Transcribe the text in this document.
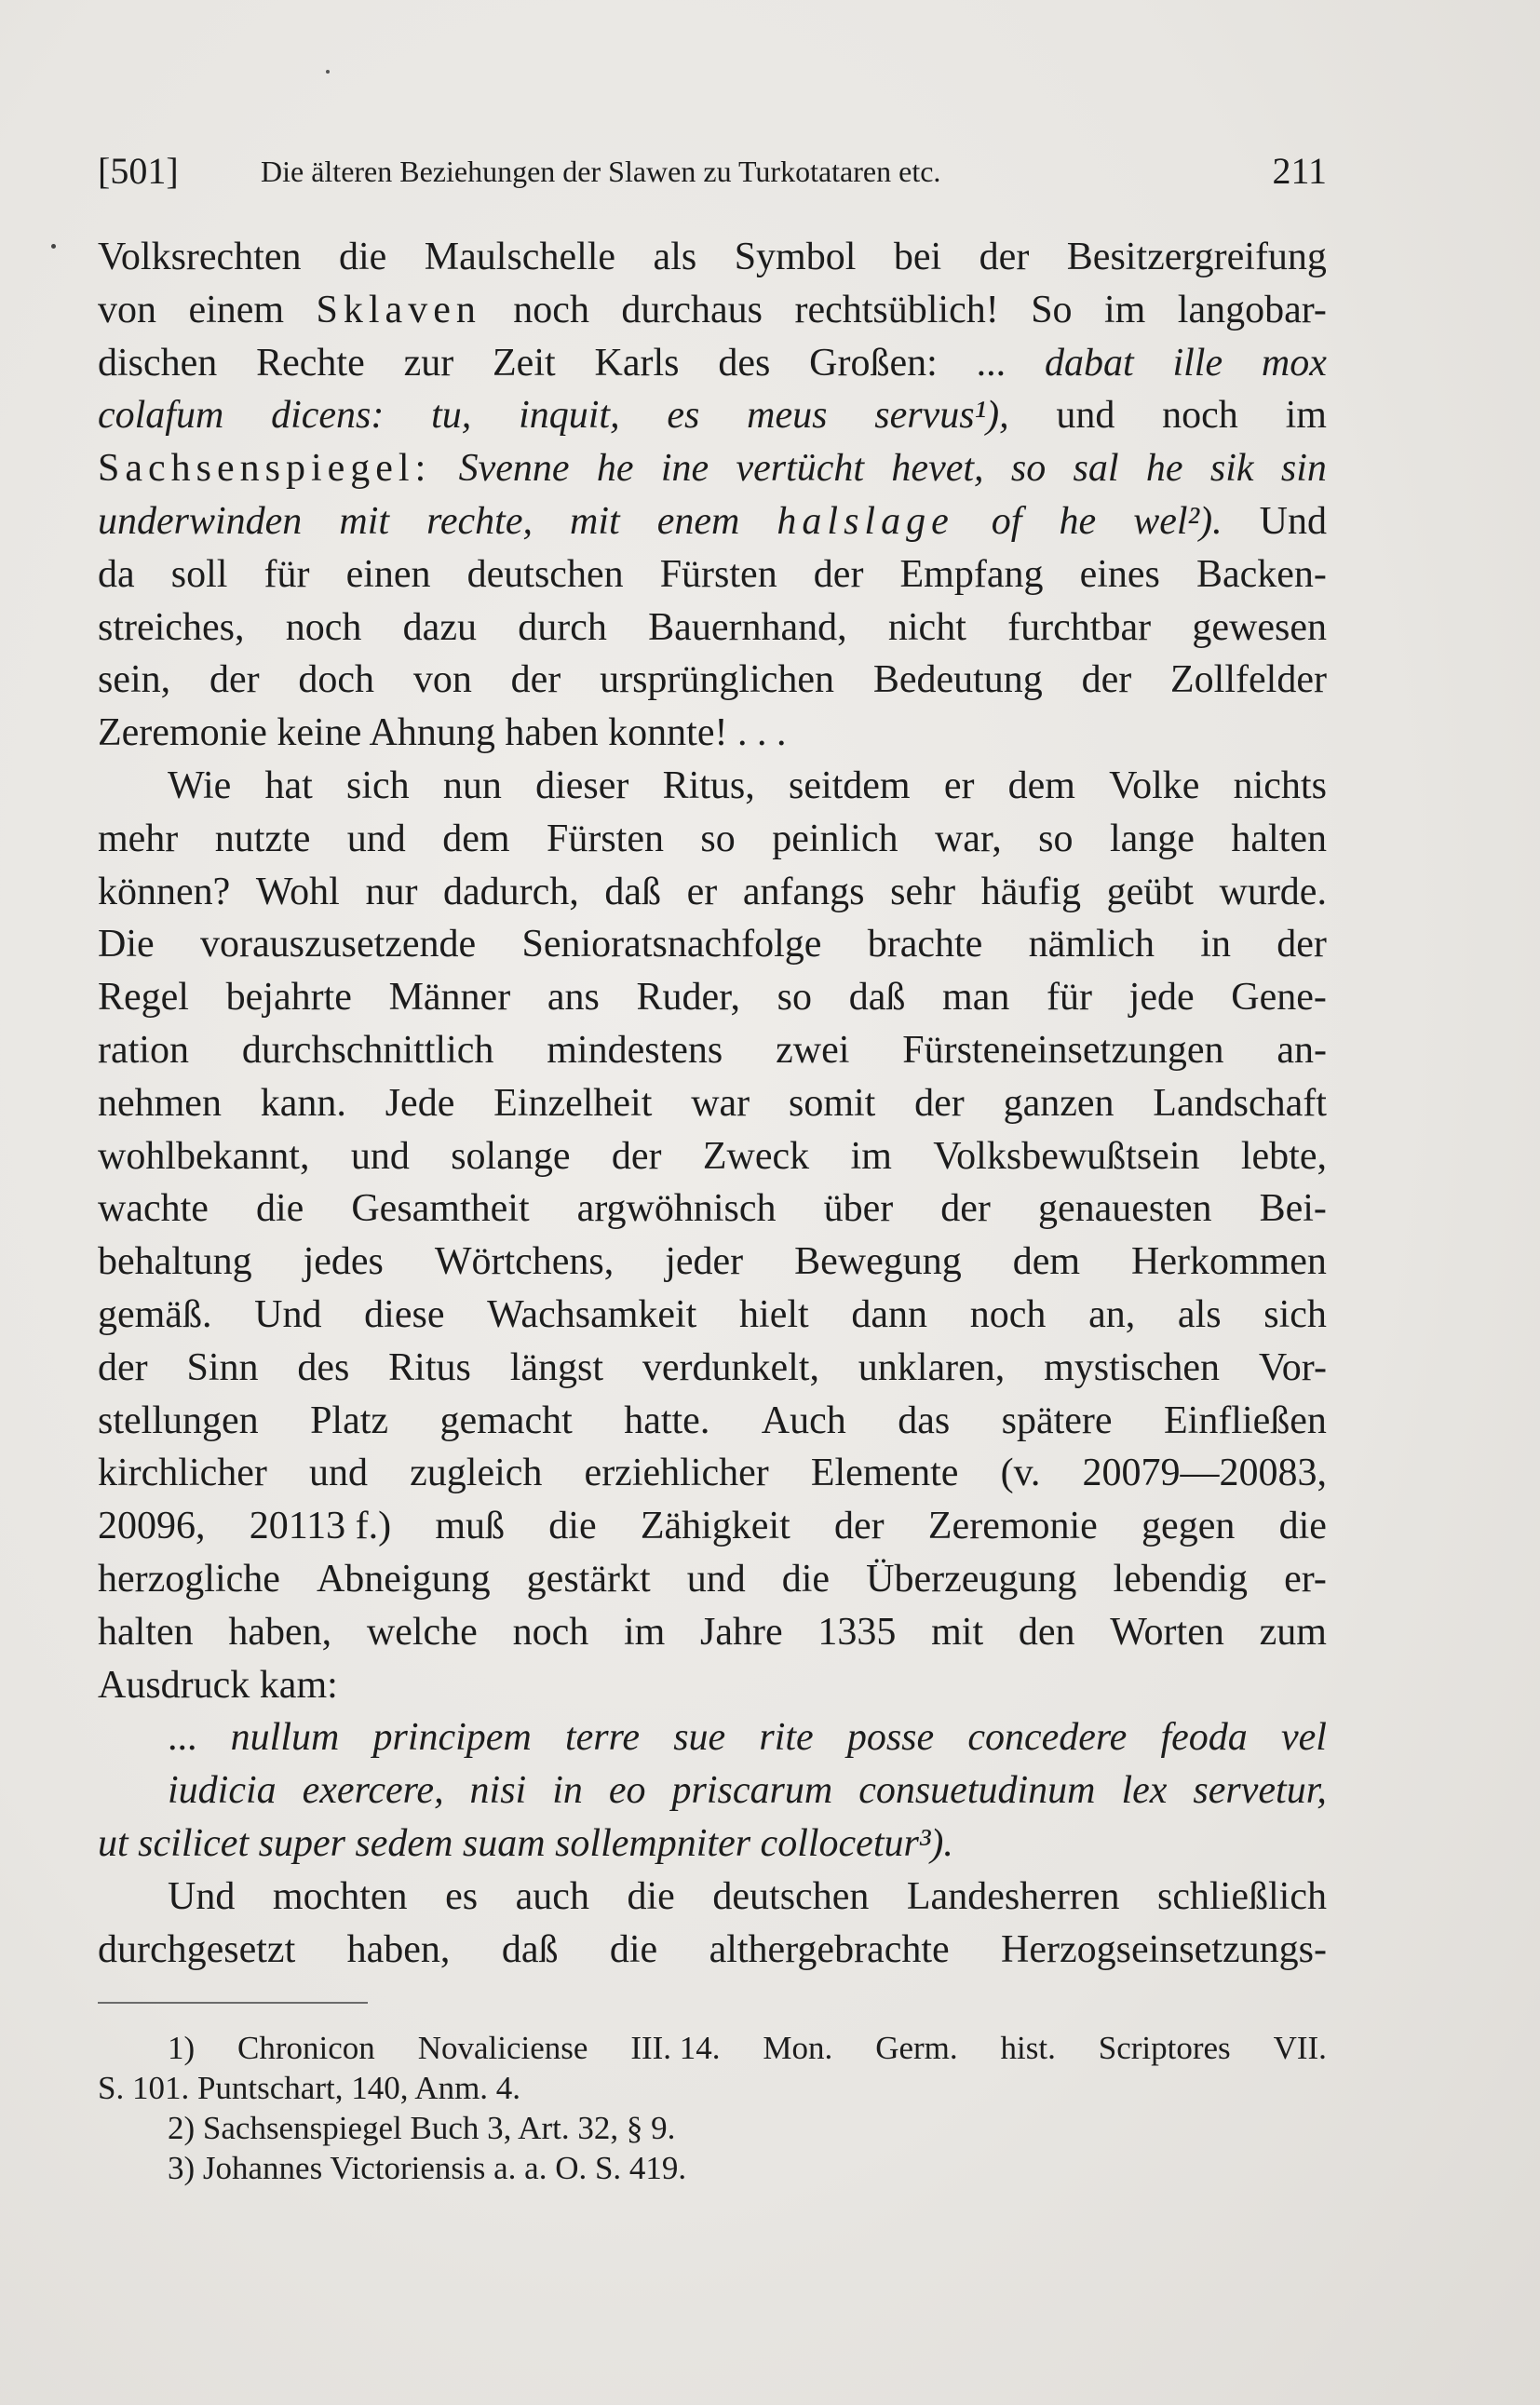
[501]	Die älteren Beziehungen der Slawen zu Turkotataren etc.	211
Volksrechten die Maulschelle als Symbol bei der Besitzergreifung
von einem Sklaven noch durchaus rechtsüblich! So im langobar-
dischen Rechte zur Zeit Karls des Großen: ... dabat ille mox
colafum dicens: tu, inquit, es meus servus¹), und noch im
Sachsenspiegel: Svenne he ine vertücht hevet, so sal he sik sin
underwinden mit rechte, mit enem halslage of he wel²). Und
da soll für einen deutschen Fürsten der Empfang eines Backen-
streiches, noch dazu durch Bauernhand, nicht furchtbar gewesen
sein, der doch von der ursprünglichen Bedeutung der Zollfelder
Zeremonie keine Ahnung haben konnte! . . .
Wie hat sich nun dieser Ritus, seitdem er dem Volke nichts
mehr nutzte und dem Fürsten so peinlich war, so lange halten
können? Wohl nur dadurch, daß er anfangs sehr häufig geübt wurde.
Die vorauszusetzende Senioratsnachfolge brachte nämlich in der
Regel bejahrte Männer ans Ruder, so daß man für jede Gene-
ration durchschnittlich mindestens zwei Fürsteneinsetzungen an-
nehmen kann. Jede Einzelheit war somit der ganzen Landschaft
wohlbekannt, und solange der Zweck im Volksbewußtsein lebte,
wachte die Gesamtheit argwöhnisch über der genauesten Bei-
behaltung jedes Wörtchens, jeder Bewegung dem Herkommen
gemäß. Und diese Wachsamkeit hielt dann noch an, als sich
der Sinn des Ritus längst verdunkelt, unklaren, mystischen Vor-
stellungen Platz gemacht hatte. Auch das spätere Einfließen
kirchlicher und zugleich erziehlicher Elemente (v. 20079—20083,
20096, 20113 f.) muß die Zähigkeit der Zeremonie gegen die
herzogliche Abneigung gestärkt und die Überzeugung lebendig er-
halten haben, welche noch im Jahre 1335 mit den Worten zum
Ausdruck kam:
... nullum principem terre sue rite posse concedere feoda vel
iudicia exercere, nisi in eo priscarum consuetudinum lex servetur,
ut scilicet super sedem suam sollempniter collocetur³).
Und mochten es auch die deutschen Landesherren schließlich
durchgesetzt haben, daß die althergebrachte Herzogseinsetzungs-
1) Chronicon Novaliciense III. 14. Mon. Germ. hist. Scriptores VII.
S. 101. Puntschart, 140, Anm. 4.
2) Sachsenspiegel Buch 3, Art. 32, § 9.
3) Johannes Victoriensis a. a. O. S. 419.
